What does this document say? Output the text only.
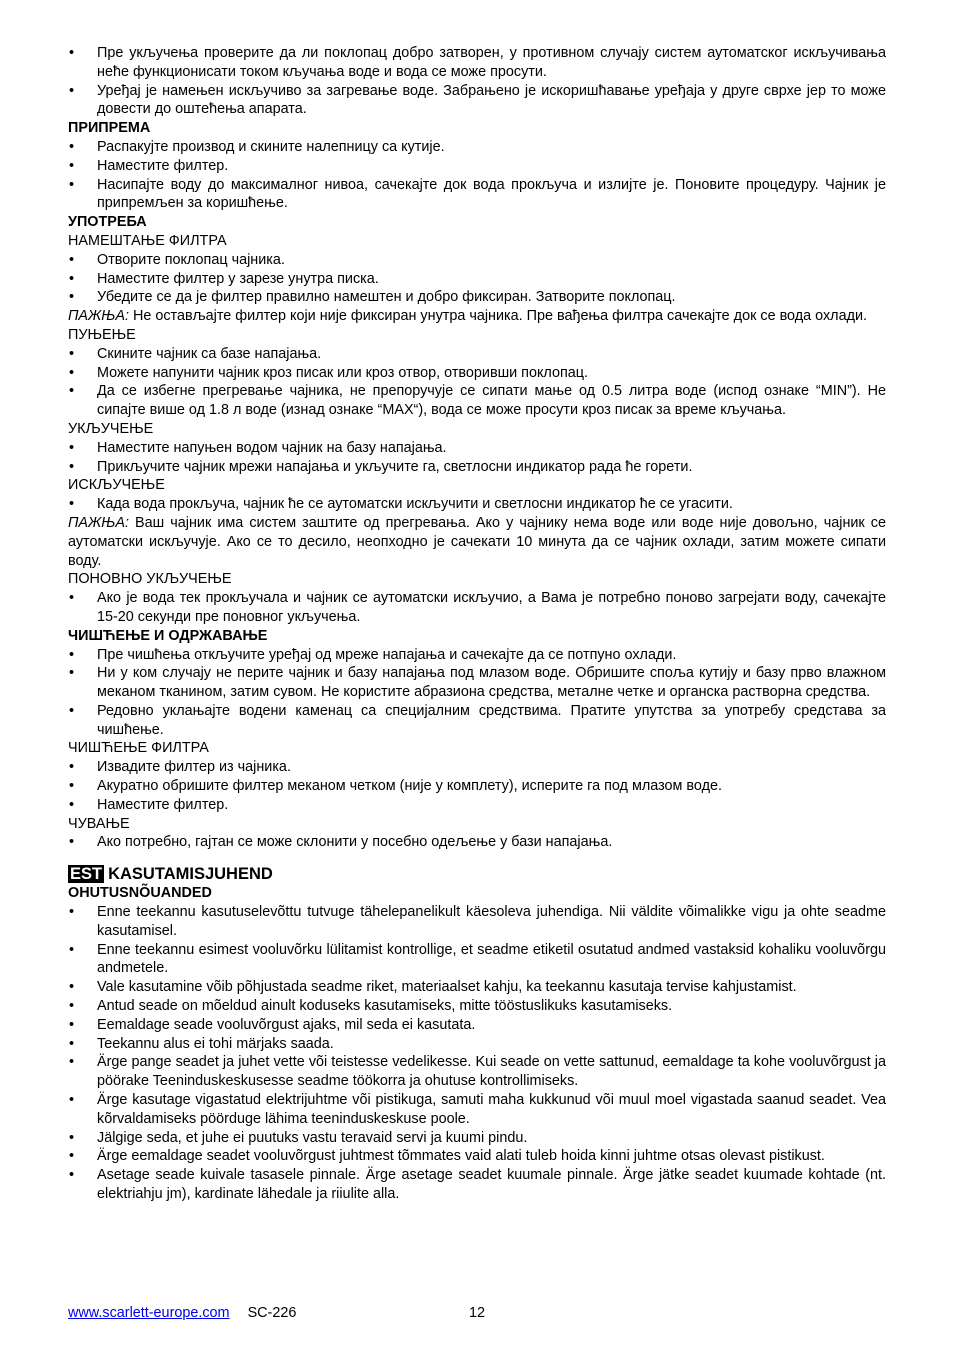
• Пре укључења проверите да ли поклопац добро затворен, у противном случају систем аутоматског искључивања неће функционисати током кључања воде и вода се може просути.
• Уређај је намењен искључиво за загревање воде. Забрањено је искоришћавање уређаја у друге сврхе јер то може довести до оштећења апарата.
ПРИПРЕМА
• Распакујте производ и скините налепницу са кутије.
• Наместите филтер.
• Насипајте воду до максималног нивоа, сачекајте док вода прокључа и излијте је. Поновите процедуру. Чајник је припремљен за коришћење.
УПОТРЕБА
НАМЕШТАЊЕ ФИЛТРА
• Отворите поклопац чајника.
• Наместите филтер у зарезе унутра писка.
• Убедите се да је филтер правилно намештен и добро фиксиран. Затворите поклопац.
ПАЖЊА: Не остављајте филтер који није фиксиран унутра чајника. Пре вађења филтра сачекајте док се вода охлади.
ПУЊЕЊЕ
• Скините чајник са базе напајања.
• Можете напунити чајник кроз писак или кроз отвор, отворивши поклопац.
• Да се избегне прегревање чајника, не препоручује се сипати мање од 0.5 литра воде (испод ознаке “MIN”). Не сипајте више од 1.8 л воде (изнад ознаке “MAX“), вода се може просути кроз писак за време кључања.
УКЉУЧЕЊЕ
• Наместите напуњен водом чајник на базу напајања.
• Прикључите чајник мрежи напајања и укључите га, светлосни индикатор рада ће горети.
ИСКЉУЧЕЊЕ
• Када вода прокључа, чајник ће се аутоматски искључити и светлосни индикатор ће се угасити.
ПАЖЊА: Ваш чајник има систем заштите од прегревања. Ако у чајнику нема воде или воде није довољно, чајник се аутоматски искључује. Ако се то десило, неопходно је сачекати 10 минута да се чајник охлади, затим можете сипати воду.
ПОНОВНО УКЉУЧЕЊЕ
• Ако је вода тек прокључала и чајник се аутоматски искључио, а Вама је потребно поново загрејати воду, сачекајте 15-20 секунди пре поновног укључења.
ЧИШЋЕЊЕ И ОДРЖАВАЊЕ
• Пре чишћења откључите уређај од мреже напајања и сачекајте да се потпуно охлади.
• Ни у ком случају не перите чајник и базу напајања под млазом воде. Обришите споља кутију и базу прво влажном меканом тканином, затим сувом. Не користите абразиона средства, металне четке и органска растворна средства.
• Редовно уклањајте водени каменац са специјалним средствима. Пратите упутства за употребу средстава за чишћење.
ЧИШЋЕЊЕ ФИЛТРА
• Извадите филтер из чајника.
• Акуратно обришите филтер меканом четком (није у комплету), исперите га под млазом воде.
• Наместите филтер.
ЧУВАЊЕ
• Ако потребно, гајтан се може склонити у посебно одељење у бази напајања.
EST KASUTAMISJUHEND
OHUTUSNÕUANDED
• Enne teekannu kasutuselevõttu tutvuge tähelepanelikult käesoleva juhendiga. Nii väldite võimalikke vigu ja ohte seadme kasutamisel.
• Enne teekannu esimest vooluvõrku lülitamist kontrollige, et seadme etiketil osutatud andmed vastaksid kohaliku vooluvõrgu andmetele.
• Vale kasutamine võib põhjustada seadme riket, materiaalset kahju, ka teekannu kasutaja tervise kahjustamist.
• Antud seade on mõeldud ainult koduseks kasutamiseks, mitte tööstuslikuks kasutamiseks.
• Eemaldage seade vooluvõrgust ajaks, mil seda ei kasutata.
• Teekannu alus ei tohi märjaks saada.
• Ärge pange seadet ja juhet vette või teistesse vedelikesse. Kui seade on vette sattunud, eemaldage ta kohe vooluvõrgust ja pöörake Teeninduskeskusesse seadme töökorra ja ohutuse kontrollimiseks.
• Ärge kasutage vigastatud elektrijuhtme või pistikuga, samuti maha kukkunud või muul moel vigastada saanud seadet. Vea kõrvaldamiseks pöörduge lähima teeninduskeskuse poole.
• Jälgige seda, et juhe ei puutuks vastu teravaid servi ja kuumi pindu.
• Ärge eemaldage seadet vooluvõrgust juhtmest tõmmates vaid alati tuleb hoida kinni juhtme otsas olevast pistikust.
• Asetage seade kuivale tasasele pinnale. Ärge asetage seadet kuumale pinnale. Ärge jätke seadet kuumade kohtade (nt. elektriahju jm), kardinate lähedale ja riiulite alla.
www.scarlett-europe.com SC-226	12
